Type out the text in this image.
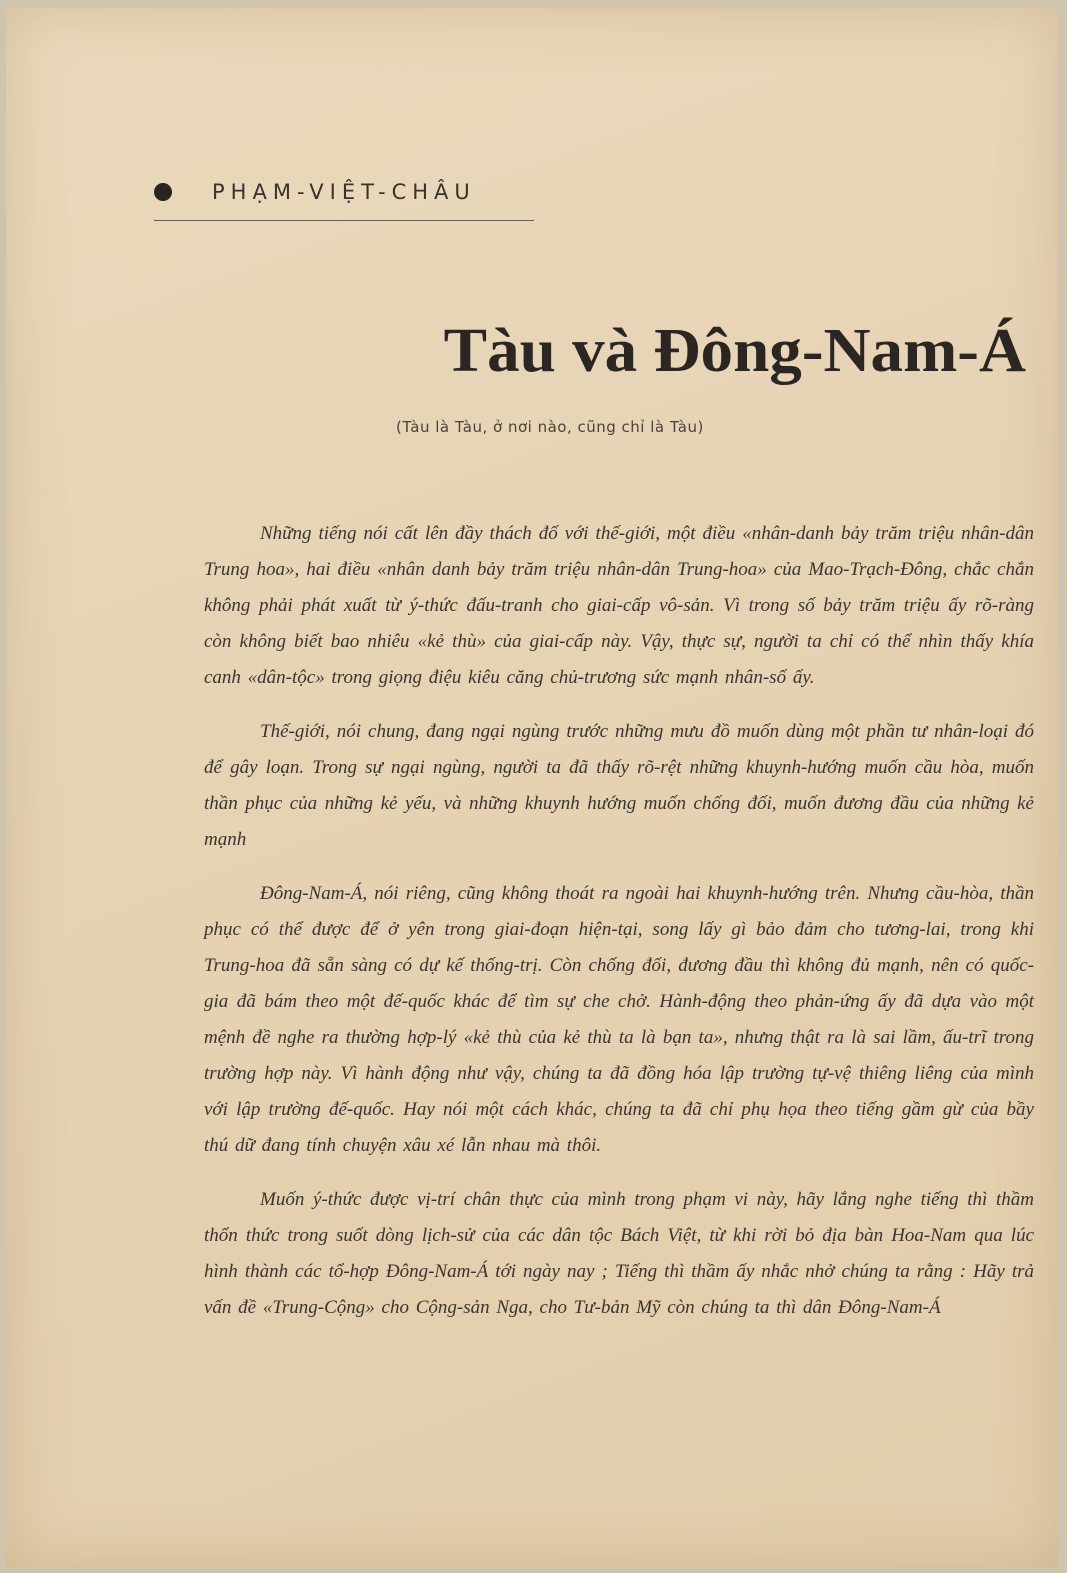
PHẠM-VIỆT-CHÂU
Tàu và Đông-Nam-Á
(Tàu là Tàu, ở nơi nào, cũng chỉ là Tàu)

Những tiếng nói cất lên đầy thách đố với thế-giới, một điều «nhân-danh bảy trăm triệu nhân-dân Trung hoa», hai điều «nhân danh bảy trăm triệu nhân-dân Trung-hoa» của Mao-Trạch-Đông, chắc chắn không phải phát xuất từ ý-thức đấu-tranh cho giai-cấp vô-sản. Vì trong số bảy trăm triệu ấy rõ-ràng còn không biết bao nhiêu «kẻ thù» của giai-cấp này. Vậy, thực sự, người ta chỉ có thể nhìn thấy khía canh «dân-tộc» trong giọng điệu kiêu căng chủ-trương sức mạnh nhân-số ấy.

Thế-giới, nói chung, đang ngại ngùng trước những mưu đồ muốn dùng một phần tư nhân-loại đó để gây loạn. Trong sự ngại ngùng, người ta đã thấy rõ-rệt những khuynh-hướng muốn cầu hòa, muốn thần phục của những kẻ yếu, và những khuynh hướng muốn chống đối, muốn đương đầu của những kẻ mạnh

Đông-Nam-Á, nói riêng, cũng không thoát ra ngoài hai khuynh-hướng trên. Nhưng cầu-hòa, thần phục có thể được để ở yên trong giai-đoạn hiện-tại, song lấy gì bảo đảm cho tương-lai, trong khi Trung-hoa đã sẵn sàng có dự kế thống-trị. Còn chống đối, đương đầu thì không đủ mạnh, nên có quốc-gia đã bám theo một đế-quốc khác để tìm sự che chở. Hành-động theo phản-ứng ấy đã dựa vào một mệnh đề nghe ra thường hợp-lý «kẻ thù của kẻ thù ta là bạn ta», nhưng thật ra là sai lầm, ấu-trĩ trong trường hợp này. Vì hành động như vậy, chúng ta đã đồng hóa lập trường tự-vệ thiêng liêng của mình với lập trường đế-quốc. Hay nói một cách khác, chúng ta đã chỉ phụ họa theo tiếng gầm gừ của bầy thú dữ đang tính chuyện xâu xé lẫn nhau mà thôi.

Muốn ý-thức được vị-trí chân thực của mình trong phạm vi này, hãy lắng nghe tiếng thì thầm thổn thức trong suốt dòng lịch-sử của các dân tộc Bách Việt, từ khi rời bỏ địa bàn Hoa-Nam qua lúc hình thành các tổ-hợp Đông-Nam-Á tới ngày nay ; Tiếng thì thầm ấy nhắc nhở chúng ta rằng : Hãy trả vấn đề «Trung-Cộng» cho Cộng-sản Nga, cho Tư-bản Mỹ còn chúng ta thì dân Đông-Nam-Á
